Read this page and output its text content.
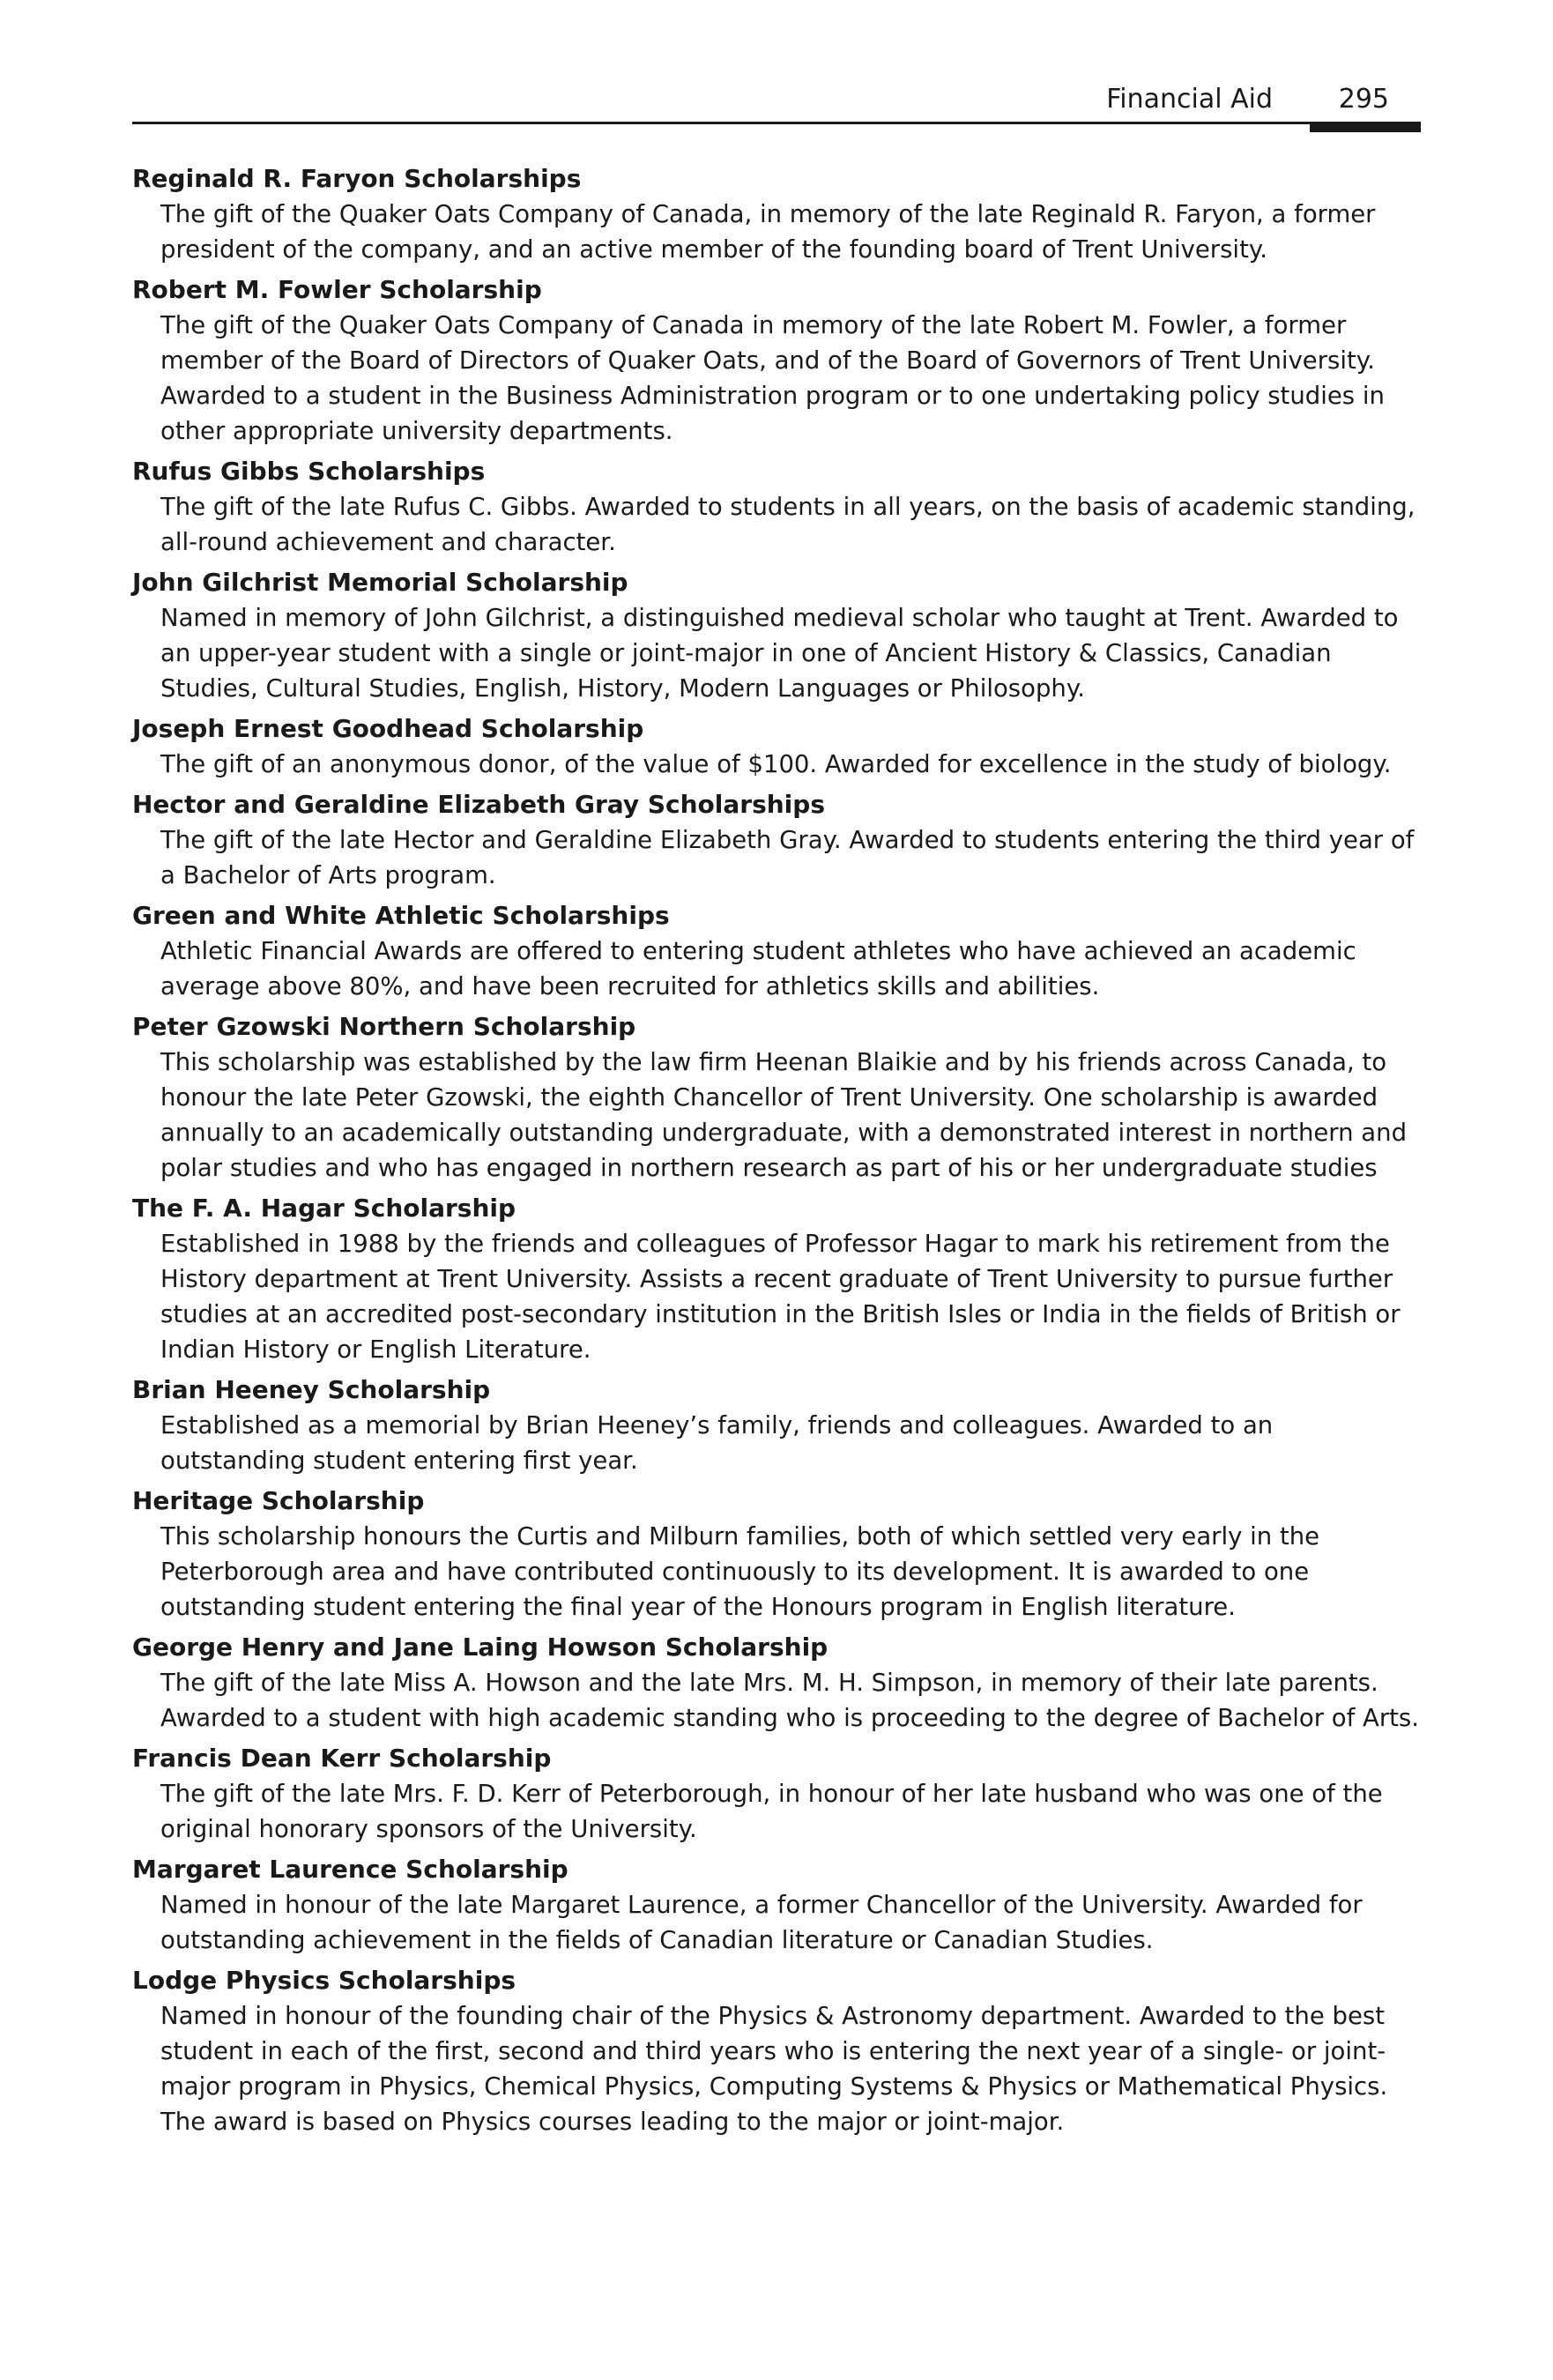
Financial Aid 295
Reginald R. Faryon Scholarships
The gift of the Quaker Oats Company of Canada, in memory of the late Reginald R. Faryon, a former president of the company, and an active member of the founding board of Trent University.
Robert M. Fowler Scholarship
The gift of the Quaker Oats Company of Canada in memory of the late Robert M. Fowler, a former member of the Board of Directors of Quaker Oats, and of the Board of Governors of Trent University. Awarded to a student in the Business Administration program or to one undertaking policy studies in other appropriate university departments.
Rufus Gibbs Scholarships
The gift of the late Rufus C. Gibbs. Awarded to students in all years, on the basis of academic standing, all-round achievement and character.
John Gilchrist Memorial Scholarship
Named in memory of John Gilchrist, a distinguished medieval scholar who taught at Trent. Awarded to an upper-year student with a single or joint-major in one of Ancient History & Classics, Canadian Studies, Cultural Studies, English, History, Modern Languages or Philosophy.
Joseph Ernest Goodhead Scholarship
The gift of an anonymous donor, of the value of $100. Awarded for excellence in the study of biology.
Hector and Geraldine Elizabeth Gray Scholarships
The gift of the late Hector and Geraldine Elizabeth Gray. Awarded to students entering the third year of a Bachelor of Arts program.
Green and White Athletic Scholarships
Athletic Financial Awards are offered to entering student athletes who have achieved an academic average above 80%, and have been recruited for athletics skills and abilities.
Peter Gzowski Northern Scholarship
This scholarship was established by the law firm Heenan Blaikie and by his friends across Canada, to honour the late Peter Gzowski, the eighth Chancellor of Trent University. One scholarship is awarded annually to an academically outstanding undergraduate, with a demonstrated interest in northern and polar studies and who has engaged in northern research as part of his or her undergraduate studies
The F. A. Hagar Scholarship
Established in 1988 by the friends and colleagues of Professor Hagar to mark his retirement from the History department at Trent University. Assists a recent graduate of Trent University to pursue further studies at an accredited post-secondary institution in the British Isles or India in the fields of British or Indian History or English Literature.
Brian Heeney Scholarship
Established as a memorial by Brian Heeney’s family, friends and colleagues. Awarded to an outstanding student entering first year.
Heritage Scholarship
This scholarship honours the Curtis and Milburn families, both of which settled very early in the Peterborough area and have contributed continuously to its development. It is awarded to one outstanding student entering the final year of the Honours program in English literature.
George Henry and Jane Laing Howson Scholarship
The gift of the late Miss A. Howson and the late Mrs. M. H. Simpson, in memory of their late parents. Awarded to a student with high academic standing who is proceeding to the degree of Bachelor of Arts.
Francis Dean Kerr Scholarship
The gift of the late Mrs. F. D. Kerr of Peterborough, in honour of her late husband who was one of the original honorary sponsors of the University.
Margaret Laurence Scholarship
Named in honour of the late Margaret Laurence, a former Chancellor of the University. Awarded for outstanding achievement in the fields of Canadian literature or Canadian Studies.
Lodge Physics Scholarships
Named in honour of the founding chair of the Physics & Astronomy department. Awarded to the best student in each of the first, second and third years who is entering the next year of a single- or joint-major program in Physics, Chemical Physics, Computing Systems & Physics or Mathematical Physics. The award is based on Physics courses leading to the major or joint-major.
